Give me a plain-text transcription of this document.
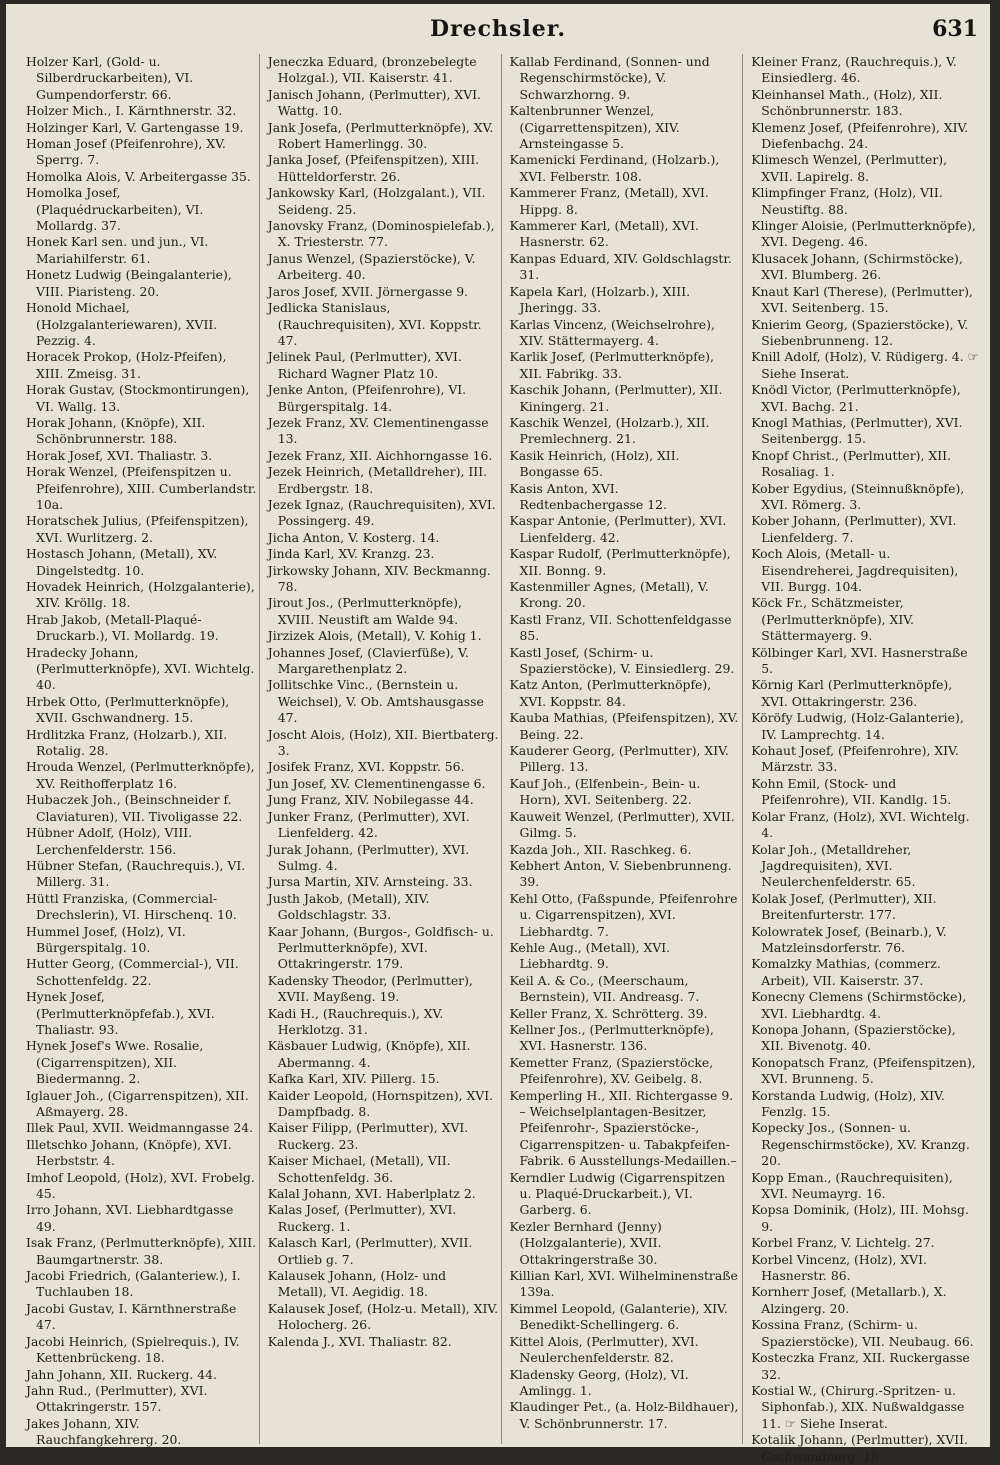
Drechsler.	631

Holzer Karl, (Gold- u. Silberdruckarbeiten), VI. Gumpendorferstr. 66.

Holzer Mich., I. Kärnthnerstr. 32.

Holzinger Karl, V. Gartengasse 19.

Homan Josef (Pfeifenrohre), XV. Sperrg. 7.

Homolka Alois, V. Arbeitergasse 35.

Homolka Josef, (Plaquédruckarbeiten), VI. Mollardg. 37.

Honek Karl sen. und jun., VI. Mariahilferstr. 61.

Honetz Ludwig (Beingalanterie), VIII. Piaristeng. 20.

Honold Michael, (Holzgalanteriewaren), XVII. Pezzig. 4.

Horacek Prokop, (Holz-Pfeifen), XIII. Zmeisg. 31.

Horak Gustav, (Stockmontirungen), VI. Wallg. 13.

Horak Johann, (Knöpfe), XII. Schönbrunnerstr. 188.

Horak Josef, XVI. Thaliastr. 3.

Horak Wenzel, (Pfeifenspitzen u. Pfeifenrohre), XIII. Cumberlandstr. 10a.

Horatschek Julius, (Pfeifenspitzen), XVI. Wurlitzerg. 2.

Hostasch Johann, (Metall), XV. Dingelstedtg. 10.

Hovadek Heinrich, (Holzgalanterie), XIV. Kröllg. 18.

Hrab Jakob, (Metall-Plaqué-Druckarb.), VI. Mollardg. 19.

Hradecky Johann, (Perlmutterknöpfe), XVI. Wichtelg. 40.

Hrbek Otto, (Perlmutterknöpfe), XVII. Gschwandnerg. 15.

Hrdlitzka Franz, (Holzarb.), XII. Rotalig. 28.

Hrouda Wenzel, (Perlmutterknöpfe), XV. Reithofferplatz 16.

Hubaczek Joh., (Beinschneider f. Claviaturen), VII. Tivoligasse 22.

Hübner Adolf, (Holz), VIII. Lerchenfelderstr. 156.

Hübner Stefan, (Rauchrequis.), VI. Millerg. 31.

Hüttl Franziska, (Commercial-Drechslerin), VI. Hirschenq. 10.

Hummel Josef, (Holz), VI. Bürgerspitalg. 10.

Hutter Georg, (Commercial-), VII. Schottenfeldg. 22.

Hynek Josef, (Perlmutterknöpfefab.), XVI. Thaliastr. 93.

Hynek Josef's Wwe. Rosalie, (Cigarrenspitzen), XII. Biedermanng. 2.

Iglauer Joh., (Cigarrenspitzen), XII. Aßmayerg. 28.

Illek Paul, XVII. Weidmanngasse 24.

Illetschko Johann, (Knöpfe), XVI. Herbststr. 4.

Imhof Leopold, (Holz), XVI. Frobelg. 45.

Irro Johann, XVI. Liebhardtgasse 49.

Isak Franz, (Perlmutterknöpfe), XIII. Baumgartnerstr. 38.

Jacobi Friedrich, (Galanteriew.), I. Tuchlauben 18.

Jacobi Gustav, I. Kärnthnerstraße 47.

Jacobi Heinrich, (Spielrequis.), IV. Kettenbrückeng. 18.

Jahn Johann, XII. Ruckerg. 44.

Jahn Rud., (Perlmutter), XVI. Ottakringerstr. 157.

Jakes Johann, XIV. Rauchfangkehrerg. 20.

Jeneczka Eduard, (bronzebelegte Holzgal.), VII. Kaiserstr. 41.

Janisch Johann, (Perlmutter), XVI. Wattg. 10.

Jank Josefa, (Perlmutterknöpfe), XV. Robert Hamerlingg. 30.

Janka Josef, (Pfeifenspitzen), XIII. Hütteldorferstr. 26.

Jankowsky Karl, (Holzgalant.), VII. Seideng. 25.

Janovsky Franz, (Dominospielefab.), X. Triesterstr. 77.

Janus Wenzel, (Spazierstöcke), V. Arbeiterg. 40.

Jaros Josef, XVII. Jörnergasse 9.

Jedlicka Stanislaus, (Rauchrequisiten), XVI. Koppstr. 47.

Jelinek Paul, (Perlmutter), XVI. Richard Wagner Platz 10.

Jenke Anton, (Pfeifenrohre), VI. Bürgerspitalg. 14.

Jezek Franz, XV. Clementinengasse 13.

Jezek Franz, XII. Aichhorngasse 16.

Jezek Heinrich, (Metalldreher), III. Erdbergstr. 18.

Jezek Ignaz, (Rauchrequisiten), XVI. Possingerg. 49.

Jicha Anton, V. Kosterg. 14.

Jinda Karl, XV. Kranzg. 23.

Jirkowsky Johann, XIV. Beckmanng. 78.

Jirout Jos., (Perlmutterknöpfe), XVIII. Neustift am Walde 94.

Jirzizek Alois, (Metall), V. Kohig 1.

Johannes Josef, (Clavierfüße), V. Margarethenplatz 2.

Jollitschke Vinc., (Bernstein u. Weichsel), V. Ob. Amtshausgasse 47.

Joscht Alois, (Holz), XII. Biertbaterg. 3.

Josifek Franz, XVI. Koppstr. 56.

Jun Josef, XV. Clementinengasse 6.

Jung Franz, XIV. Nobilegasse 44.

Junker Franz, (Perlmutter), XVI. Lienfelderg. 42.

Jurak Johann, (Perlmutter), XVI. Sulmg. 4.

Jursa Martin, XIV. Arnsteing. 33.

Justh Jakob, (Metall), XIV. Goldschlagstr. 33.

Kaar Johann, (Burgos-, Goldfisch- u. Perlmutterknöpfe), XVI. Ottakringerstr. 179.

Kadensky Theodor, (Perlmutter), XVII. Mayßeng. 19.

Kadi H., (Rauchrequis.), XV. Herklotzg. 31.

Käsbauer Ludwig, (Knöpfe), XII. Abermanng. 4.

Kafka Karl, XIV. Pillerg. 15.

Kaider Leopold, (Hornspitzen), XVI. Dampfbadg. 8.

Kaiser Filipp, (Perlmutter), XVI. Ruckerg. 23.

Kaiser Michael, (Metall), VII. Schottenfeldg. 36.

Kalal Johann, XVI. Haberlplatz 2.

Kalas Josef, (Perlmutter), XVI. Ruckerg. 1.

Kalasch Karl, (Perlmutter), XVII. Ortlieb g. 7.

Kalausek Johann, (Holz- und Metall), VI. Aegidig. 18.

Kalausek Josef, (Holz-u. Metall), XIV. Holocherg. 26.

Kalenda J., XVI. Thaliastr. 82.

Kallab Ferdinand, (Sonnen- und Regenschirmstöcke), V. Schwarzhorng. 9.

Kaltenbrunner Wenzel, (Cigarrettenspitzen), XIV. Arnsteingasse 5.

Kamenicki Ferdinand, (Holzarb.), XVI. Felberstr. 108.

Kammerer Franz, (Metall), XVI. Hippg. 8.

Kammerer Karl, (Metall), XVI. Hasnerstr. 62.

Kanpas Eduard, XIV. Goldschlagstr. 31.

Kapela Karl, (Holzarb.), XIII. Jheringg. 33.

Karlas Vincenz, (Weichselrohre), XIV. Stättermayerg. 4.

Karlik Josef, (Perlmutterknöpfe), XII. Fabrikg. 33.

Kaschik Johann, (Perlmutter), XII. Kiningerg. 21.

Kaschik Wenzel, (Holzarb.), XII. Premlechnerg. 21.

Kasik Heinrich, (Holz), XII. Bongasse 65.

Kasis Anton, XVI. Redtenbachergasse 12.

Kaspar Antonie, (Perlmutter), XVI. Lienfelderg. 42.

Kaspar Rudolf, (Perlmutterknöpfe), XII. Bonng. 9.

Kastenmiller Agnes, (Metall), V. Krong. 20.

Kastl Franz, VII. Schottenfeldgasse 85.

Kastl Josef, (Schirm- u. Spazierstöcke), V. Einsiedlerg. 29.

Katz Anton, (Perlmutterknöpfe), XVI. Koppstr. 84.

Kauba Mathias, (Pfeifenspitzen), XV. Being. 22.

Kauderer Georg, (Perlmutter), XIV. Pillerg. 13.

Kauf Joh., (Elfenbein-, Bein- u. Horn), XVI. Seitenberg. 22.

Kauweit Wenzel, (Perlmutter), XVII. Gilmg. 5.

Kazda Joh., XII. Raschkeg. 6.

Kebhert Anton, V. Siebenbrunneng. 39.

Kehl Otto, (Faßspunde, Pfeifenrohre u. Cigarrenspitzen), XVI. Liebhardtg. 7.

Kehle Aug., (Metall), XVI. Liebhardtg. 9.

Keil A. & Co., (Meerschaum, Bernstein), VII. Andreasg. 7.

Keller Franz, X. Schrötterg. 39.

Kellner Jos., (Perlmutterknöpfe), XVI. Hasnerstr. 136.

Kemetter Franz, (Spazierstöcke, Pfeifenrohre), XV. Geibelg. 8.

Kemperling H., XII. Richtergasse 9. – Weichselplantagen-Besitzer, Pfeifenrohr-, Spazierstöcke-, Cigarrenspitzen- u. Tabakpfeifen-Fabrik. 6 Ausstellungs-Medaillen.–

Kerndler Ludwig (Cigarrenspitzen u. Plaqué-Druckarbeit.), VI. Garberg. 6.

Kezler Bernhard (Jenny) (Holzgalanterie), XVII. Ottakringerstraße 30.

Killian Karl, XVI. Wilhelminenstraße 139a.

Kimmel Leopold, (Galanterie), XIV. Benedikt-Schellingerg. 6.

Kittel Alois, (Perlmutter), XVI. Neulerchenfelderstr. 82.

Kladensky Georg, (Holz), VI. Amlingg. 1.

Klaudinger Pet., (a. Holz-Bildhauer), V. Schönbrunnerstr. 17.

Kleiner Franz, (Rauchrequis.), V. Einsiedlerg. 46.

Kleinhansel Math., (Holz), XII. Schönbrunnerstr. 183.

Klemenz Josef, (Pfeifenrohre), XIV. Diefenbachg. 24.

Klimesch Wenzel, (Perlmutter), XVII. Lapirelg. 8.

Klimpfinger Franz, (Holz), VII. Neustiftg. 88.

Klinger Aloisie, (Perlmutterknöpfe), XVI. Degeng. 46.

Klusacek Johann, (Schirmstöcke), XVI. Blumberg. 26.

Knaut Karl (Therese), (Perlmutter), XVI. Seitenberg. 15.

Knierim Georg, (Spazierstöcke), V. Siebenbrunneng. 12.

Knill Adolf, (Holz), V. Rüdigerg. 4. ☞ Siehe Inserat.

Knödl Victor, (Perlmutterknöpfe), XVI. Bachg. 21.

Knogl Mathias, (Perlmutter), XVI. Seitenbergg. 15.

Knopf Christ., (Perlmutter), XII. Rosaliag. 1.

Kober Egydius, (Steinnußknöpfe), XVI. Römerg. 3.

Kober Johann, (Perlmutter), XVI. Lienfelderg. 7.

Koch Alois, (Metall- u. Eisendreherei, Jagdrequisiten), VII. Burgg. 104.

Köck Fr., Schätzmeister, (Perlmutterknöpfe), XIV. Stättermayerg. 9.

Kölbinger Karl, XVI. Hasnerstraße 5.

Körnig Karl (Perlmutterknöpfe), XVI. Ottakringerstr. 236.

Köröfy Ludwig, (Holz-Galanterie), IV. Lamprechtg. 14.

Kohaut Josef, (Pfeifenrohre), XIV. Märzstr. 33.

Kohn Emil, (Stock- und Pfeifenrohre), VII. Kandlg. 15.

Kolar Franz, (Holz), XVI. Wichtelg. 4.

Kolar Joh., (Metalldreher, Jagdrequisiten), XVI. Neulerchenfelderstr. 65.

Kolak Josef, (Perlmutter), XII. Breitenfurterstr. 177.

Kolowratek Josef, (Beinarb.), V. Matzleinsdorferstr. 76.

Komalzky Mathias, (commerz. Arbeit), VII. Kaiserstr. 37.

Konecny Clemens (Schirmstöcke), XVI. Liebhardtg. 4.

Konopa Johann, (Spazierstöcke), XII. Bivenotg. 40.

Konopatsch Franz, (Pfeifenspitzen), XVI. Brunneng. 5.

Korstanda Ludwig, (Holz), XIV. Fenzlg. 15.

Kopecky Jos., (Sonnen- u. Regenschirmstöcke), XV. Kranzg. 20.

Kopp Eman., (Rauchrequisiten), XVI. Neumayrg. 16.

Kopsa Dominik, (Holz), III. Mohsg. 9.

Korbel Franz, V. Lichtelg. 27.

Korbel Vincenz, (Holz), XVI. Hasnerstr. 86.

Kornherr Josef, (Metallarb.), X. Alzingerg. 20.

Kossina Franz, (Schirm- u. Spazierstöcke), VII. Neubaug. 66.

Kosteczka Franz, XII. Ruckergasse 32.

Kostial W., (Chirurg.-Spritzen- u. Siphonfab.), XIX. Nußwaldgasse 11. ☞ Siehe Inserat.

Kotalik Johann, (Perlmutter), XVII. Gschwandnerg. 18.
